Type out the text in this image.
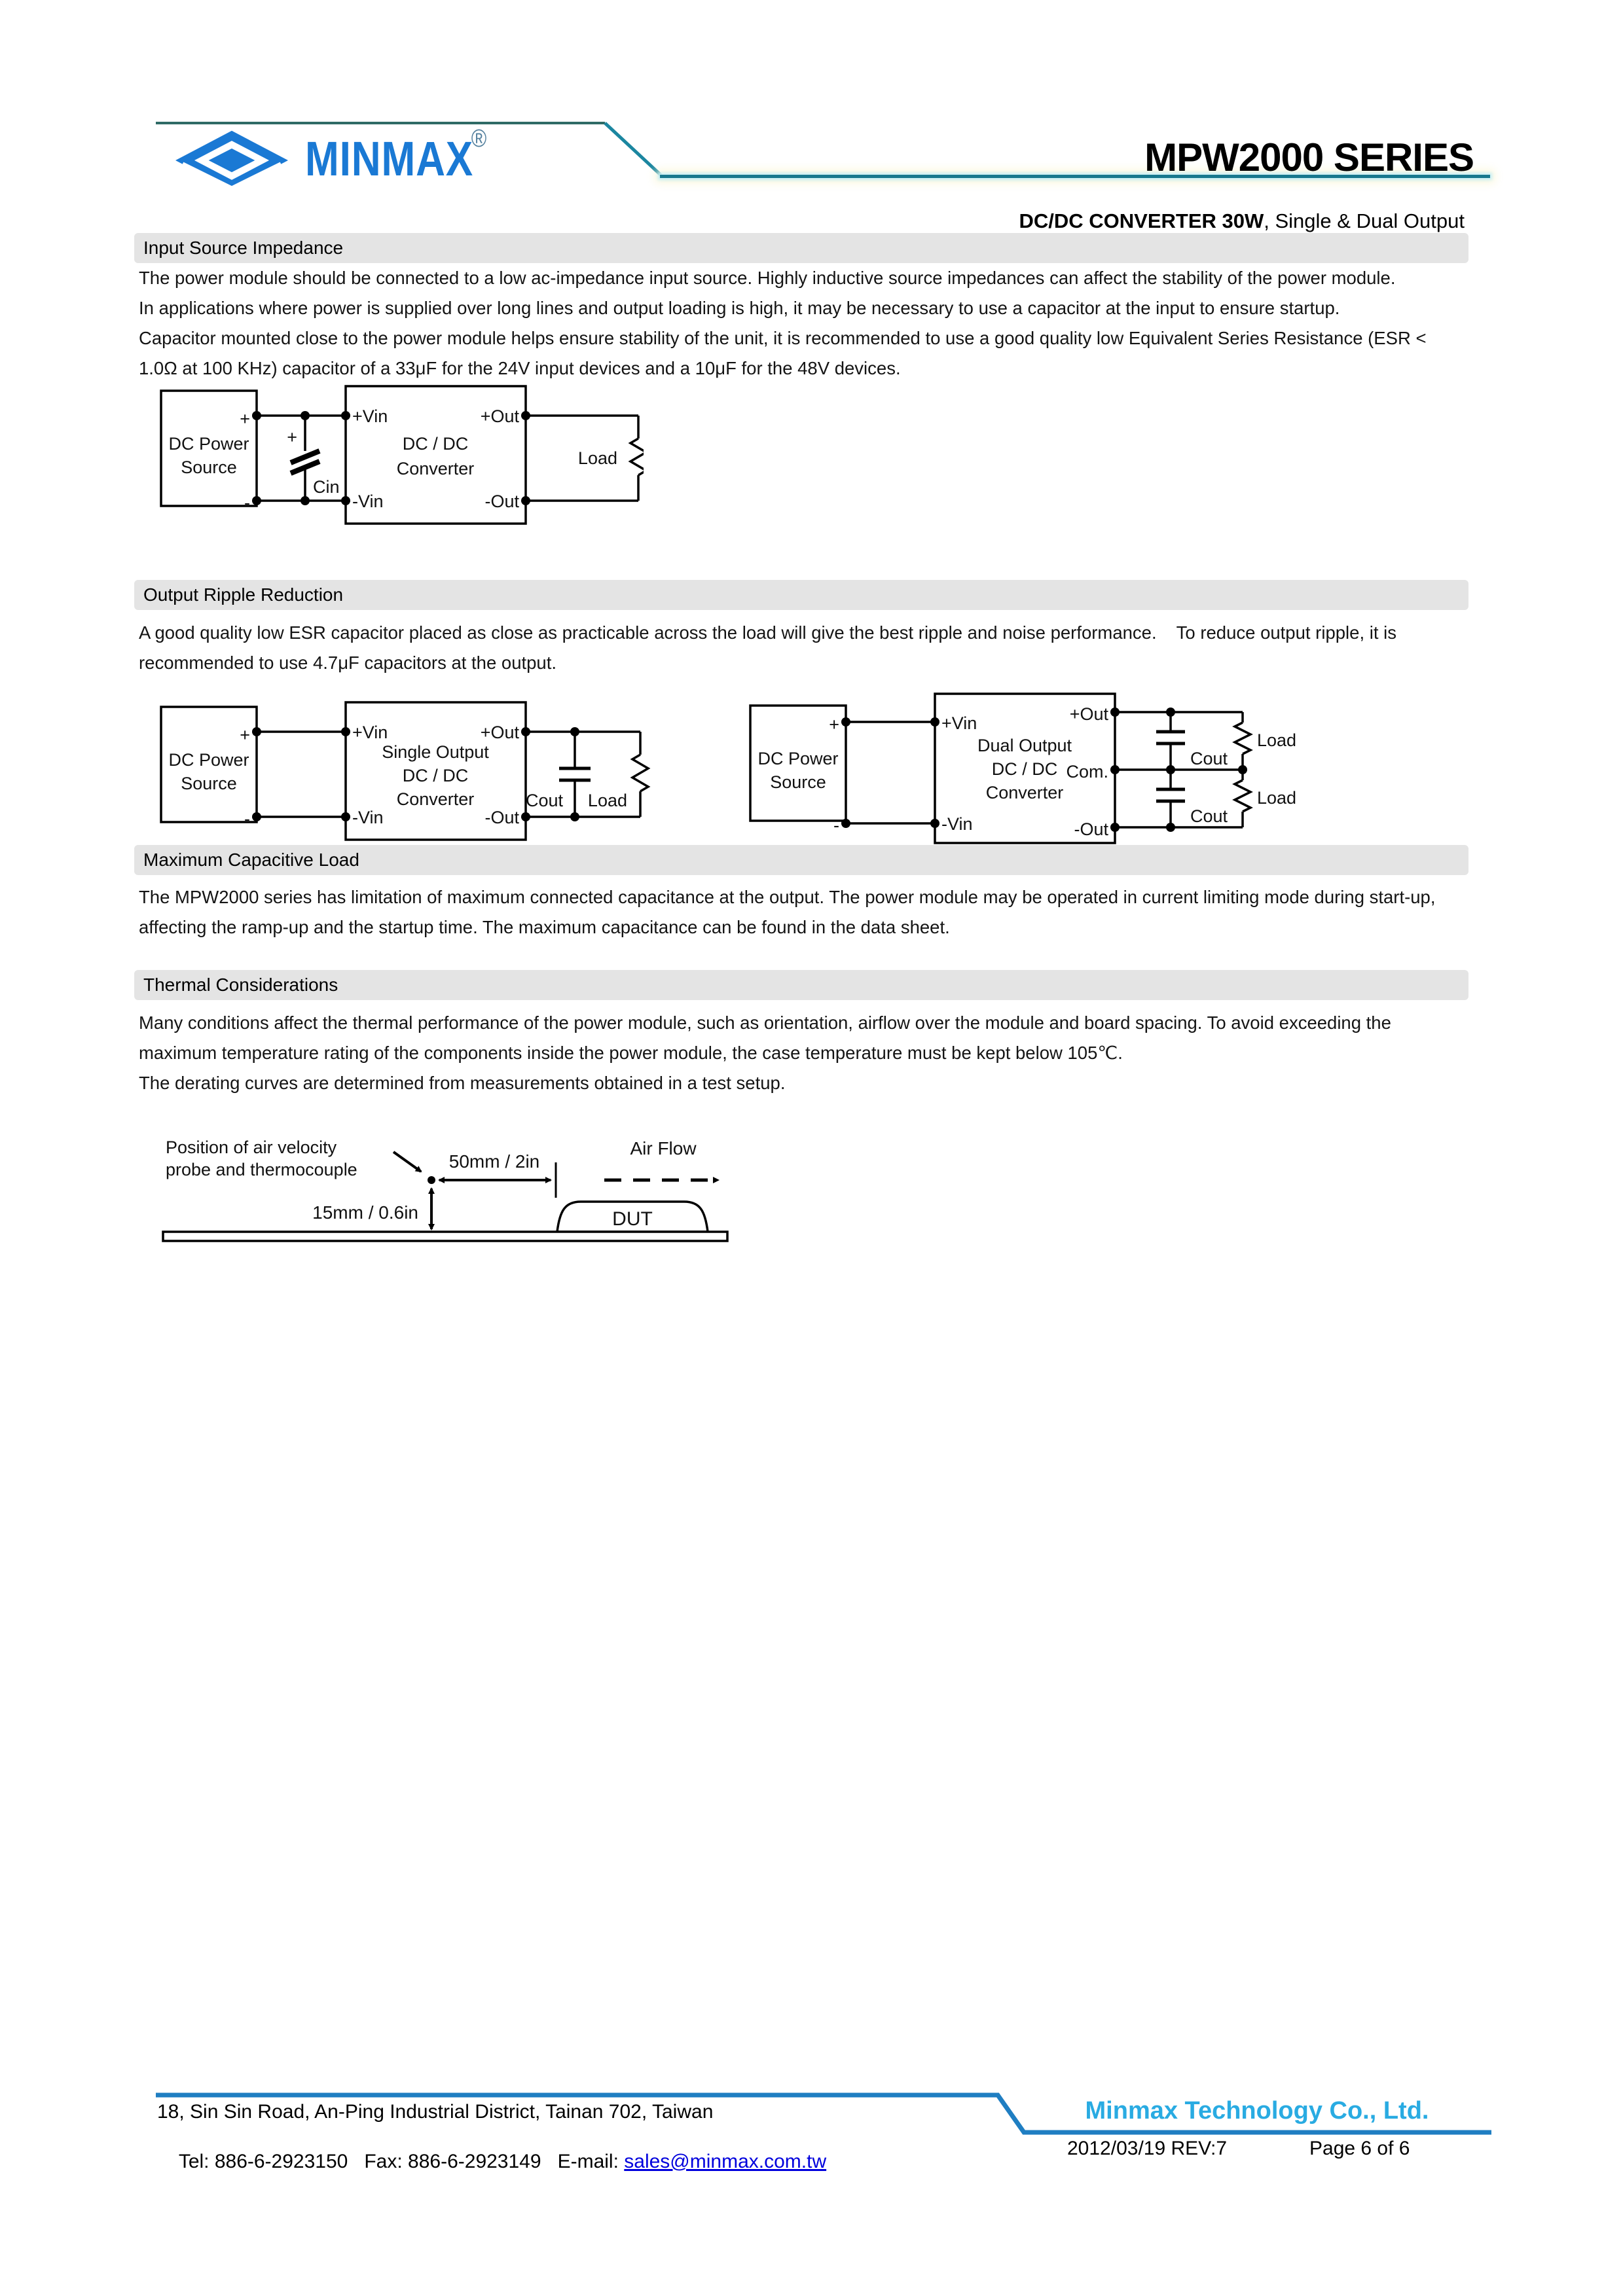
MINMAX®	MPW2000 SERIES

DC/DC CONVERTER 30W, Single & Dual Output

Input Source Impedance
The power module should be connected to a low ac-impedance input source. Highly inductive source impedances can affect the stability of the power module.
In applications where power is supplied over long lines and output loading is high, it may be necessary to use a capacitor at the input to ensure startup.
Capacitor mounted close to the power module helps ensure stability of the unit, it is recommended to use a good quality low Equivalent Series Resistance (ESR <
1.0Ω at 100 KHz) capacitor of a 33μF for the 24V input devices and a 10μF for the 48V devices.
DC Power
Source
+
-
+
Cin
+Vin
-Vin
+Out
-Out
DC / DC
Converter
Load
Output Ripple Reduction
A good quality low ESR capacitor placed as close as practicable across the load will give the best ripple and noise performance.    To reduce output ripple, it is
recommended to use 4.7μF capacitors at the output.
DC Power
Source
+
-
+Vin
-Vin
+Out
-Out
Single Output
DC / DC
Converter	Cout Load
DC Power
Source
+
-
+Vin
-Vin
+Out
Com.
-Out
Dual Output
DC / DC
Converter
Cout
Cout
Load
Load
Maximum Capacitive Load
The MPW2000 series has limitation of maximum connected capacitance at the output. The power module may be operated in current limiting mode during start-up,
affecting the ramp-up and the startup time. The maximum capacitance can be found in the data sheet.
Thermal Considerations
Many conditions affect the thermal performance of the power module, such as orientation, airflow over the module and board spacing. To avoid exceeding the
maximum temperature rating of the components inside the power module, the case temperature must be kept below 105℃.
The derating curves are determined from measurements obtained in a test setup.
Position of air velocity
probe and thermocouple	50mm / 2in
15mm / 0.6in
Air Flow
DUT
Minmax Technology Co., Ltd.
18, Sin Sin Road, An-Ping Industrial District, Tainan 702, Taiwan

Tel: 886-6-2923150 Fax: 886-6-2923149 E-mail: sales@minmax.com.tw

2012/03/19 REV:7	Page 6 of 6
